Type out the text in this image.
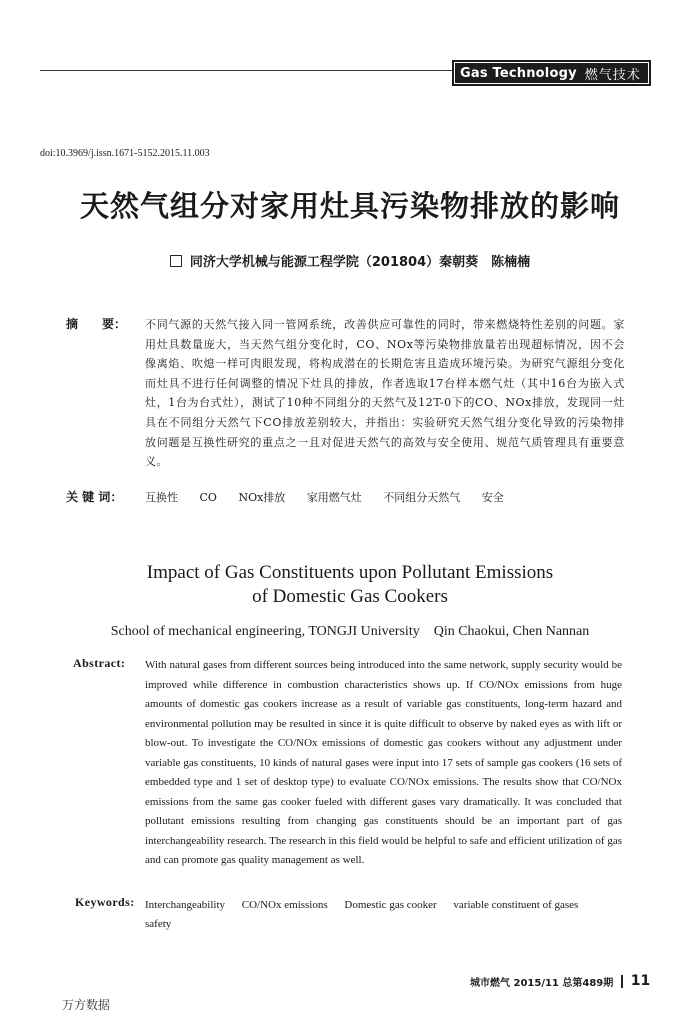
Gas Technology 燃气技术
doi:10.3969/j.issn.1671-5152.2015.11.003
天然气组分对家用灶具污染物排放的影响
同济大学机械与能源工程学院（201804）秦朝葵　陈楠楠
摘　　要： 不同气源的天然气接入同一管网系统，改善供应可靠性的同时，带来燃烧特性差别的问题。家用灶具数量庞大，当天然气组分变化时，CO、NOx等污染物排放量若出现超标情况，因不会像离焰、吹熄一样可肉眼发现，将构成潜在的长期危害且造成环境污染。为研究气源组分变化而灶具不进行任何调整的情况下灶具的排放，作者选取17台样本燃气灶（其中16台为嵌入式灶，1台为台式灶），测试了10种不同组分的天然气及12T-0下的CO、NOx排放，发现同一灶具在不同组分天然气下CO排放差别较大，并指出：实验研究天然气组分变化导致的污染物排放问题是互换性研究的重点之一且对促进天然气的高效与安全使用、规范气质管理具有重要意义。
关 键 词： 互换性 CO NOx排放 家用燃气灶 不同组分天然气 安全
Impact of Gas Constituents upon Pollutant Emissions
of Domestic Gas Cookers
School of mechanical engineering, TONGJI University Qin Chaokui, Chen Nannan
Abstract: With natural gases from different sources being introduced into the same network, supply security would be improved while difference in combustion characteristics shows up. If CO/NOx emissions from huge amounts of domestic gas cookers increase as a result of variable gas constituents, long-term hazard and environmental pollution may be resulted in since it is quite difficult to observe by naked eyes as with lift or blow-out. To investigate the CO/NOx emissions of domestic gas cookers without any adjustment under variable gas constituents, 10 kinds of natural gases were input into 17 sets of sample gas cookers (16 sets of embedded type and 1 set of desktop type) to evaluate CO/NOx emissions. The results show that CO/NOx emissions from the same gas cooker fueled with different gases vary dramatically. It was concluded that pollutant emissions resulting from changing gas constituents should be an important part of gas interchangeability research. The research in this field would be helpful to safe and efficient utilization of gas and can promote gas quality management as well.
Keywords: Interchangeability CO/NOx emissions Domestic gas cooker variable constituent of gases safety
城市燃气 2015/11 总第489期 11
万方数据
